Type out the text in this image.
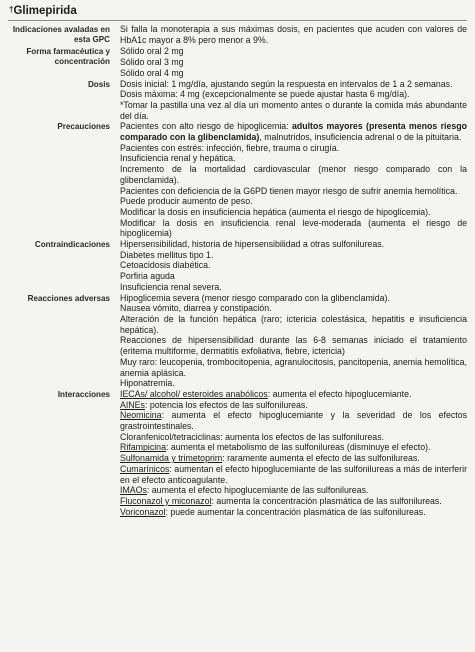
†Glimepirida
Indicaciones avaladas en esta GPC

Si falla la monoterapia a sus máximas dosis, en pacientes que acuden con valores de HbA1c mayor a 8% pero menor a 9%.

Forma farmacéutica y concentración

Sólido oral 2 mg

Sólido oral 3 mg

Sólido oral 4 mg

Dosis Dosis inicial: 1 mg/día, ajustando según la respuesta en intervalos de 1 a 2 semanas.

Dosis máxima: 4 mg (excepcionalmente se puede ajustar hasta 6 mg/día).

*Tomar la pastilla una vez al día un momento antes o durante la comida más abundante del día.

Precauciones Pacientes con alto riesgo de hipoglicemia: adultos mayores (presenta menos riesgo comparado con la glibenclamida), malnutridos, insuficiencia adrenal o de la pituitaria.

Pacientes con estrés: infección, fiebre, trauma o cirugía.

Insuficiencia renal y hepática.

Incremento de la mortalidad cardiovascular (menor riesgo comparado con la glibenclamida).

Pacientes con deficiencia de la G6PD tienen mayor riesgo de sufrir anemia hemolítica.

Puede producir aumento de peso.

Modificar la dosis en insuficiencia hepática (aumenta el riesgo de hipoglicemia).

Modificar la dosis en insuficiencia renal leve-moderada (aumenta el riesgo de hipoglicemia)

Contraindicaciones Hipersensibilidad, historia de hipersensibilidad a otras sulfonilureas.

Diabetes mellitus tipo 1.

Cetoacidosis diabética.

Porfiria aguda

Insuficiencia renal severa.

Reacciones adversas Hipoglicemia severa (menor riesgo comparado con la glibenclamida).

Nausea vómito, diarrea y constipación.

Alteración de la función hepática (raro; ictericia colestásica, hepatitis e insuficiencia hepática).

Reacciones de hipersensibilidad durante las 6-8 semanas iniciado el tratamiento (eritema multiforme, dermatitis exfoliativa, fiebre, ictericia)

Muy raro: leucopenia, trombocitopenia, agranulocitosis, pancitopenia, anemia hemolítica, anemia aplásica.

Hiponatremia.

Interacciones IECAs/ alcohol/ esteroides anabólicos: aumenta el efecto hipoglucemiante.

AINEs: potencia los efectos de las sulfonilureas.

Neomicina: aumenta el efecto hipoglucemiante y la severidad de los efectos grastrointestinales.

Cloranfenicol/tetraciclinas: aumenta los efectos de las sulfonilureas.

Rifampicina: aumenta el metabolismo de las sulfonilureas (disminuye el efecto).

Sulfonamida y trimetoprim: raramente aumenta el efecto de las sulfonilureas.

Cumarínicos: aumentan el efecto hipoglucemiante de las sulfonilureas a más de interferir en el efecto anticoagulante.

IMAOs: aumenta el efecto hipoglucemiante de las sulfonilureas.

Fluconazol y miconazol: aumenta la concentración plasmática de las sulfonilureas.

Voriconazol: puede aumentar la concentración plasmática de las sulfonilureas.
